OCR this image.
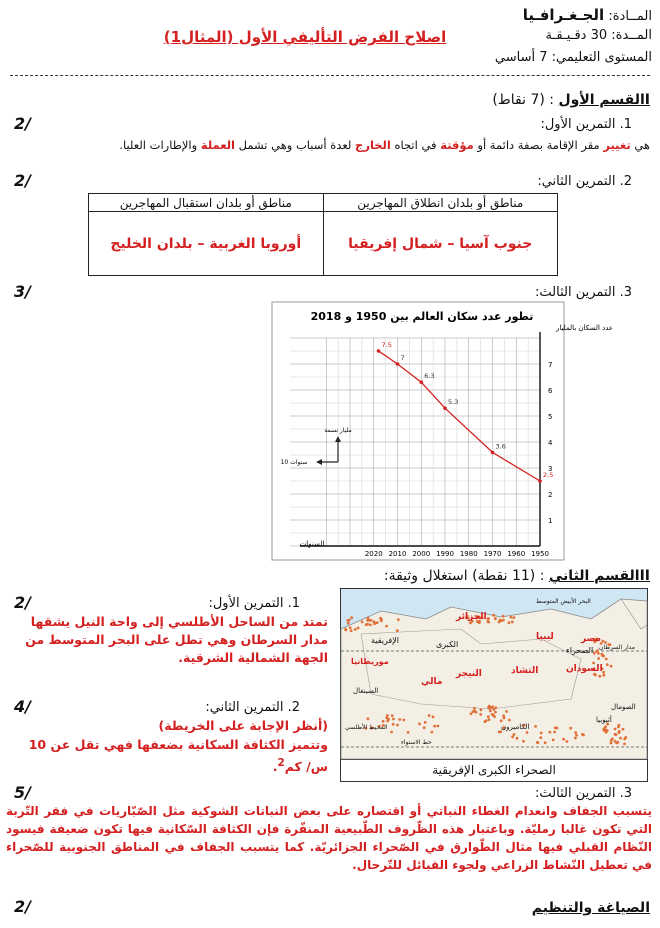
المــادة: الجـغـرافـيا
المــدة: 30 دقـيـقـة
المستوى التعليمي: 7 أساسي
اصلاح الفرض التأليفي الأول (المثال1)
Iالقسم الأول : (7 نقاط)
1. التمرين الأول:
2/
هي تغيير مقر الإقامة بصفة دائمة أو مؤقتة في اتجاه الخارج لعدة أسباب وهي تشمل العملة والإطارات العليا.
2. التمرين الثاني:
2/
مناطق أو بلدان انطلاق المهاجرين	مناطق أو بلدان استقبال المهاجرين
جنوب آسيا – شمال إفريقيا	أوروبا الغربية – بلدان الخليج
3. التمرين الثالث:
3/
تطور عدد سكان العالم بين 1950 و 2018
عدد السكان بالمليار
السنوات
1
2
3
4
5
6
7
1950
1960
1970
1980
1990
2000
2010
2020
2.5
3.6
5.3
6.3
7
7.5
مليار نسمة
10 سنوات
IIالقسم الثاني : (11 نقطة) استغلال وثيقة:
1. التمرين الأول:
2/
تمتد من الساحل الأطلسي إلى واحة النيل يشقها مدار السرطان وهي تطل على البحر المتوسط من الجهة الشمالية الشرقية.
2. التمرين الثاني:
4/
(أنظر الإجابة على الخريطة)
وتتميز الكثافة السكانية بضعفها فهي تقل عن 10 س/ كم$^2$.
الجزائر
ليبيا	مصر
مالي
موريطانيا
النيجر	التشاد	السودان
الإفريقية	الكبرى
الصحراء مدار السرطان
البحر الأبيض المتوسط
الصومال
أثيوبيا
الكاميرون
السينغال
خط الاستواء
المحيط الأطلسي
الصحراء الكبرى الإفريقية
3. التمرين الثالث:
5/
يتسبب الجفاف وانعدام الغطاء النباتي أو اقتصاره على بعض النباتات الشوكية مثل الصّبّاريات في فقر التّربة التي تكون غالبا رمليّة. وباعتبار هذه الظّروف الطّبيعية المنفّرة فإن الكثافة السّكانية فيها تكون ضعيفة فيسود النّظام القبلي فيها مثال الطّوارق في الصّحراء الجزائريّة. كما يتسبب الجفاف في المناطق الجنوبية للصّحراء في تعطيل النّشاط الزراعي ولجوء القبائل للتّرحال.
الصياغة والتنظيم
2/
